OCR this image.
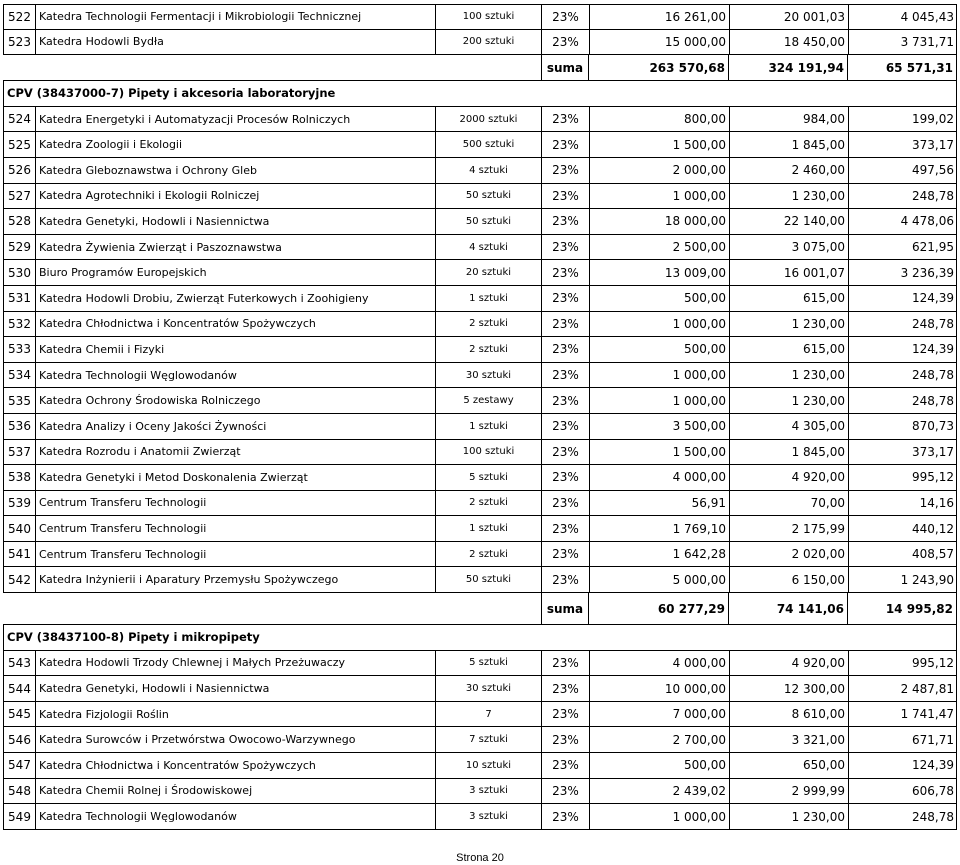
522 Katedra Technologii Fermentacji i Mikrobiologii Technicznej	100 sztuki	23%	16 261,00	20 001,03	4 045,43
523 Katedra Hodowli Bydła	200 sztuki	23%	15 000,00	18 450,00	3 731,71
suma	263 570,68	324 191,94	65 571,31
CPV (38437000-7) Pipety i akcesoria laboratoryjne
524 Katedra Energetyki i Automatyzacji Procesów Rolniczych	2000 sztuki	23%	800,00	984,00	199,02
525 Katedra Zoologii i Ekologii	500 sztuki	23%	1 500,00	1 845,00	373,17
526 Katedra Gleboznawstwa i Ochrony Gleb	4 sztuki	23%	2 000,00	2 460,00	497,56
527 Katedra Agrotechniki i Ekologii Rolniczej	50 sztuki	23%	1 000,00	1 230,00	248,78
528 Katedra Genetyki, Hodowli i Nasiennictwa	50 sztuki	23%	18 000,00	22 140,00	4 478,06
529 Katedra Żywienia Zwierząt i Paszoznawstwa	4 sztuki	23%	2 500,00	3 075,00	621,95
530 Biuro Programów Europejskich	20 sztuki	23%	13 009,00	16 001,07	3 236,39
531 Katedra Hodowli Drobiu, Zwierząt Futerkowych i Zoohigieny	1 sztuki	23%	500,00	615,00	124,39
532 Katedra Chłodnictwa i Koncentratów Spożywczych	2 sztuki	23%	1 000,00	1 230,00	248,78
533 Katedra Chemii i Fizyki	2 sztuki	23%	500,00	615,00	124,39
534 Katedra Technologii Węglowodanów	30 sztuki	23%	1 000,00	1 230,00	248,78
535 Katedra Ochrony Środowiska Rolniczego	5 zestawy	23%	1 000,00	1 230,00	248,78
536 Katedra Analizy i Oceny Jakości Żywności	1 sztuki	23%	3 500,00	4 305,00	870,73
537 Katedra Rozrodu i Anatomii Zwierząt	100 sztuki	23%	1 500,00	1 845,00	373,17
538 Katedra Genetyki i Metod Doskonalenia Zwierząt	5 sztuki	23%	4 000,00	4 920,00	995,12
539 Centrum Transferu Technologii	2 sztuki	23%	56,91	70,00	14,16
540 Centrum Transferu Technologii	1 sztuki	23%	1 769,10	2 175,99	440,12
541 Centrum Transferu Technologii	2 sztuki	23%	1 642,28	2 020,00	408,57
542 Katedra Inżynierii i Aparatury Przemysłu Spożywczego	50 sztuki	23%	5 000,00	6 150,00	1 243,90
suma	60 277,29	74 141,06	14 995,82
CPV (38437100-8) Pipety i mikropipety
543 Katedra Hodowli Trzody Chlewnej i Małych Przeżuwaczy	5 sztuki	23%	4 000,00	4 920,00	995,12
544 Katedra Genetyki, Hodowli i Nasiennictwa	30 sztuki	23%	10 000,00	12 300,00	2 487,81
545 Katedra Fizjologii Roślin	7	23%	7 000,00	8 610,00	1 741,47
546 Katedra Surowców i Przetwórstwa Owocowo-Warzywnego	7 sztuki	23%	2 700,00	3 321,00	671,71
547 Katedra Chłodnictwa i Koncentratów Spożywczych	10 sztuki	23%	500,00	650,00	124,39
548 Katedra Chemii Rolnej i Środowiskowej	3 sztuki	23%	2 439,02	2 999,99	606,78
549 Katedra Technologii Węglowodanów	3 sztuki	23%	1 000,00	1 230,00	248,78
Strona 20
